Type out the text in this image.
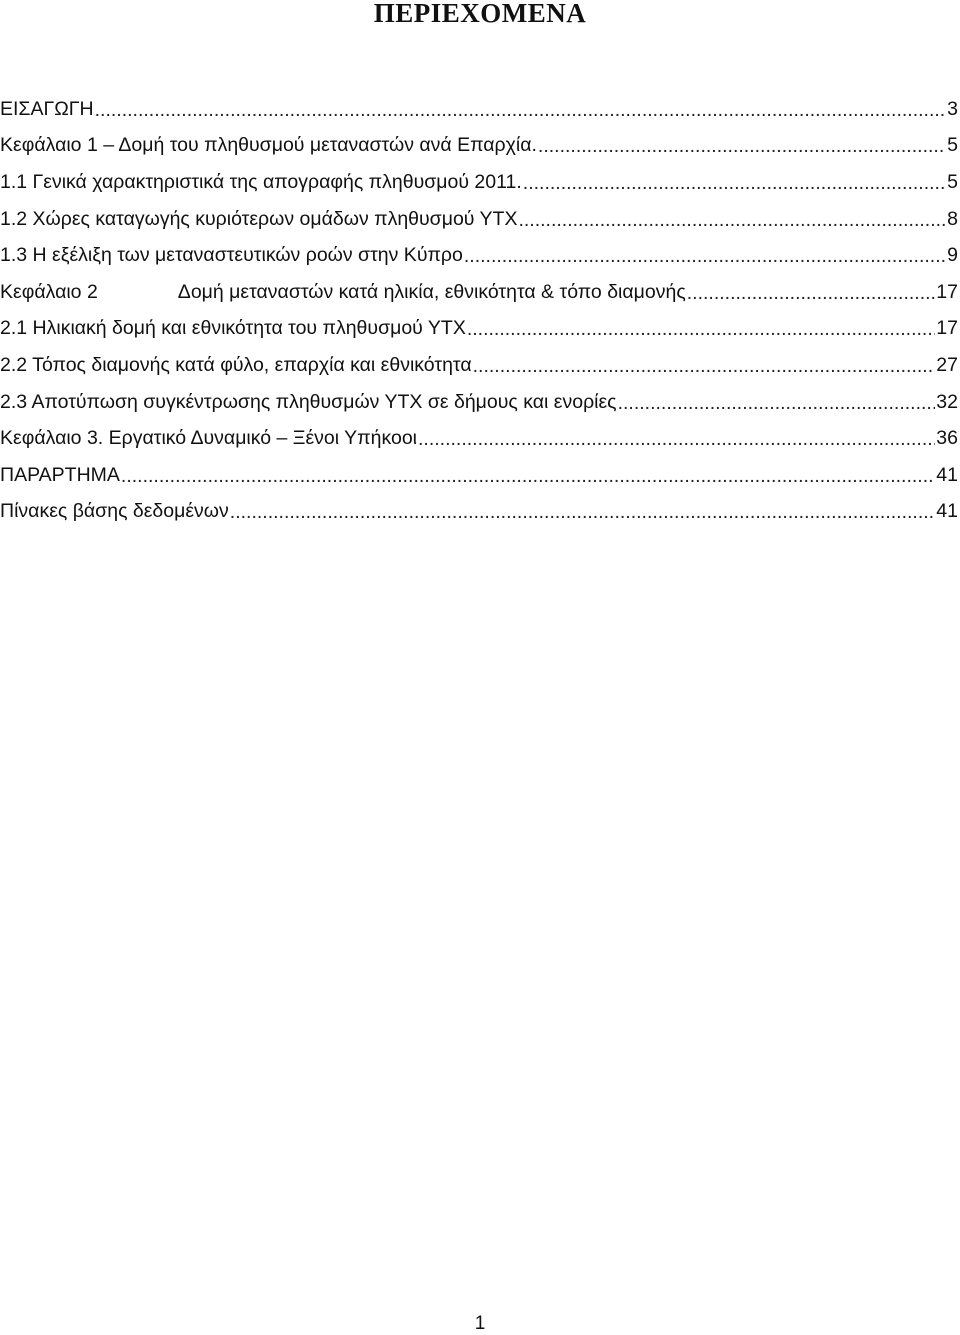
ΠΕΡΙΕΧΟΜΕΝΑ
ΕΙΣΑΓΩΓΗ .....	3
Κεφάλαιο 1 – Δομή του πληθυσμού μεταναστών ανά Επαρχία. .....	5
1.1 Γενικά χαρακτηριστικά της απογραφής πληθυσμού 2011. .....	5
1.2 Χώρες καταγωγής κυριότερων ομάδων πληθυσμού ΥΤΧ .....	8
1.3 Η εξέλιξη των μεταναστευτικών ροών στην Κύπρο .....	9
Κεφάλαιο 2	Δομή μεταναστών κατά ηλικία, εθνικότητα & τόπο διαμονής .....	17
2.1 Ηλικιακή δομή και εθνικότητα του πληθυσμού ΥΤΧ .....	17
2.2 Τόπος διαμονής κατά φύλο, επαρχία και εθνικότητα .....	27
2.3 Αποτύπωση συγκέντρωσης πληθυσμών ΥΤΧ σε δήμους και ενορίες .....	32
Κεφάλαιο 3. Εργατικό Δυναμικό – Ξένοι Υπήκοοι .....	36
ΠΑΡΑΡΤΗΜΑ .....	41
Πίνακες βάσης δεδομένων .....	41
1
